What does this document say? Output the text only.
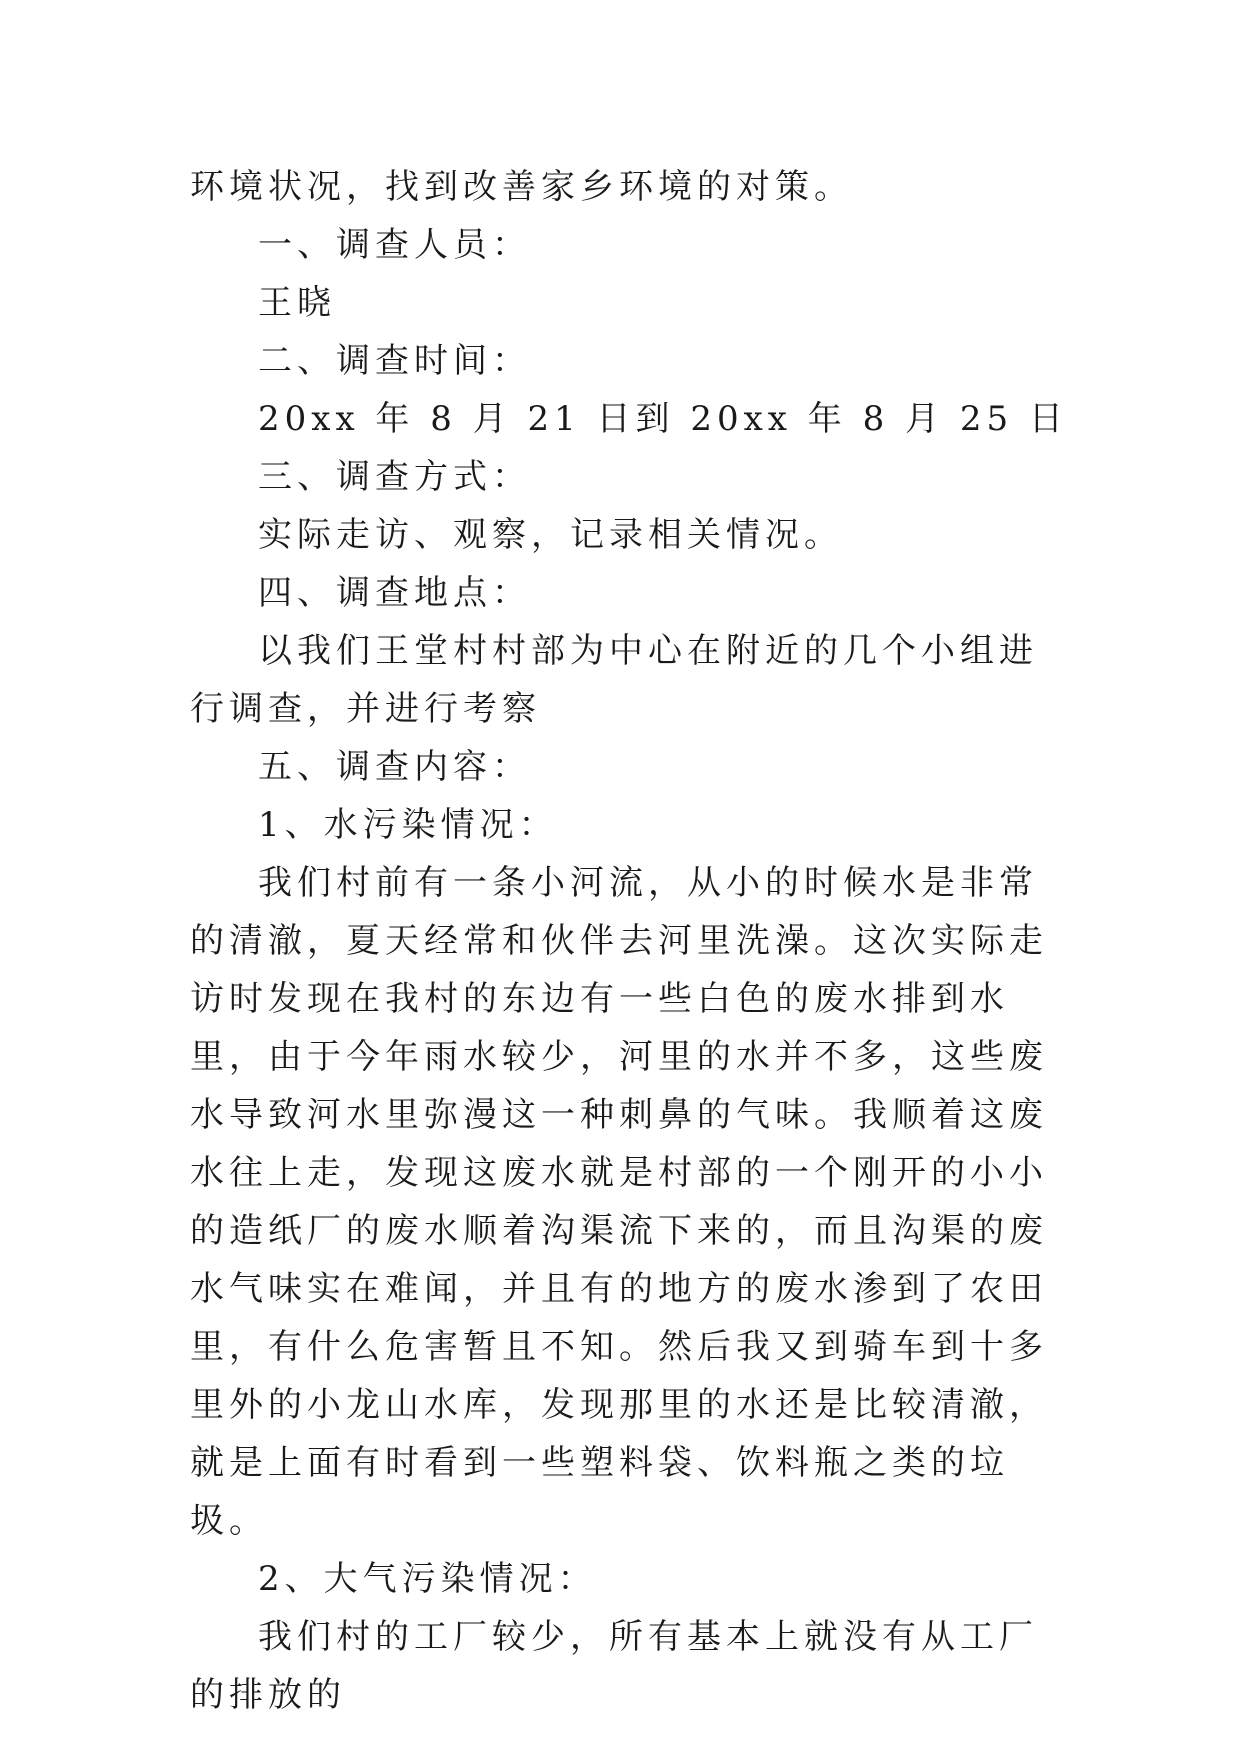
环境状况，找到改善家乡环境的对策。

一、调查人员：

王晓

二、调查时间：

20xx 年 8 月 21 日到 20xx 年 8 月 25 日

三、调查方式：

实际走访、观察，记录相关情况。

四、调查地点：

以我们王堂村村部为中心在附近的几个小组进行调查，并进行考察

五、调查内容：

1、水污染情况：

我们村前有一条小河流，从小的时候水是非常的清澈，夏天经常和伙伴去河里洗澡。这次实际走访时发现在我村的东边有一些白色的废水排到水里，由于今年雨水较少，河里的水并不多，这些废水导致河水里弥漫这一种刺鼻的气味。我顺着这废水往上走，发现这废水就是村部的一个刚开的小小的造纸厂的废水顺着沟渠流下来的，而且沟渠的废水气味实在难闻，并且有的地方的废水渗到了农田里，有什么危害暂且不知。然后我又到骑车到十多里外的小龙山水库，发现那里的水还是比较清澈，就是上面有时看到一些塑料袋、饮料瓶之类的垃圾。

2、大气污染情况：

我们村的工厂较少，所有基本上就没有从工厂的排放的
